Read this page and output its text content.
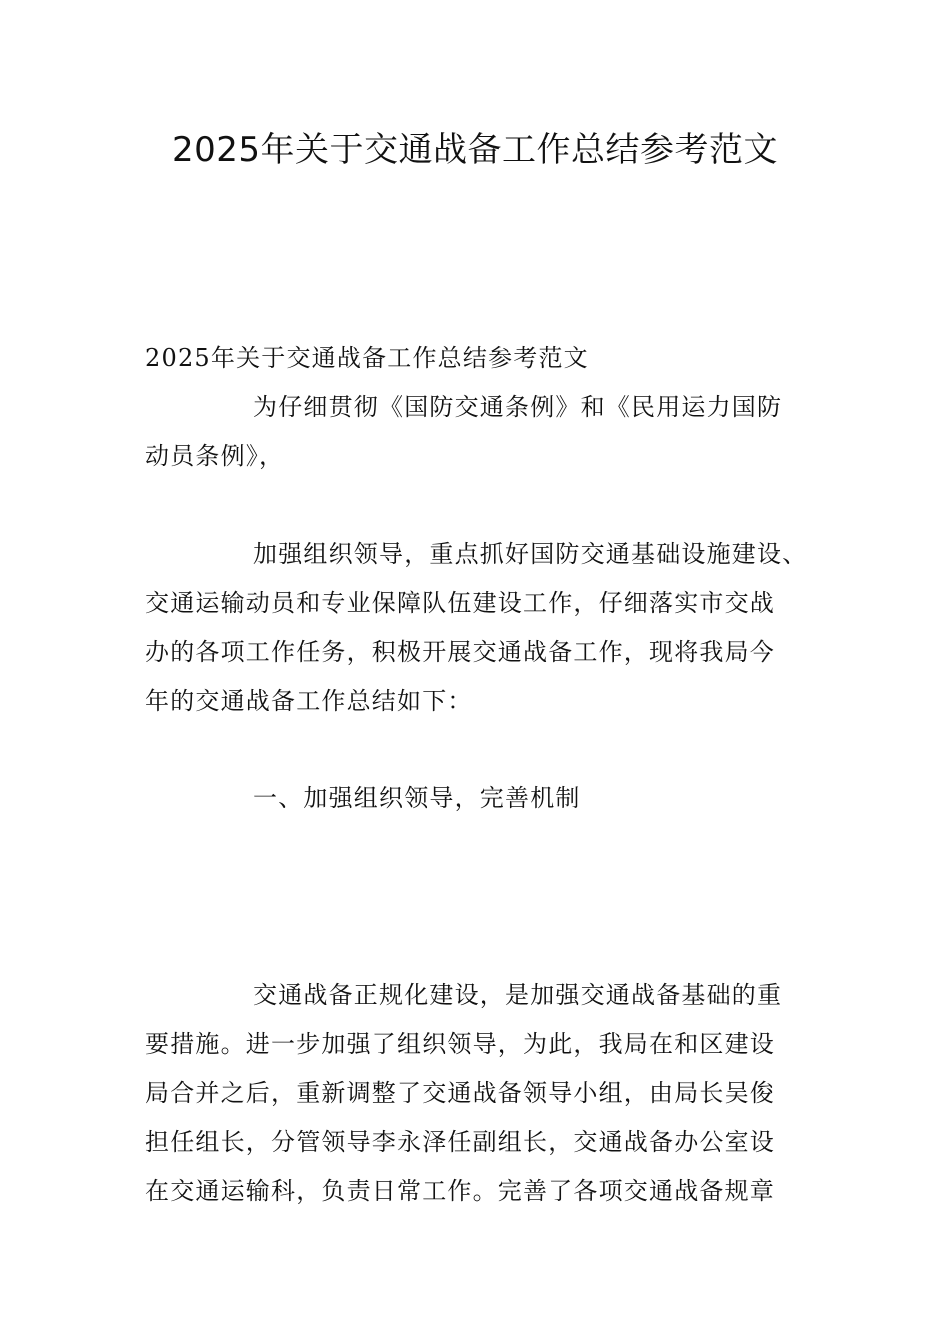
2025年关于交通战备工作总结参考范文

2025年关于交通战备工作总结参考范文

为仔细贯彻《国防交通条例》和《民用运力国防
动员条例》，

加强组织领导，重点抓好国防交通基础设施建设、
交通运输动员和专业保障队伍建设工作，仔细落实市交战
办的各项工作任务，积极开展交通战备工作，现将我局今
年的交通战备工作总结如下：

一、加强组织领导，完善机制

交通战备正规化建设，是加强交通战备基础的重
要措施。进一步加强了组织领导，为此，我局在和区建设
局合并之后，重新调整了交通战备领导小组，由局长吴俊
担任组长，分管领导李永泽任副组长，交通战备办公室设
在交通运输科，负责日常工作。完善了各项交通战备规章
